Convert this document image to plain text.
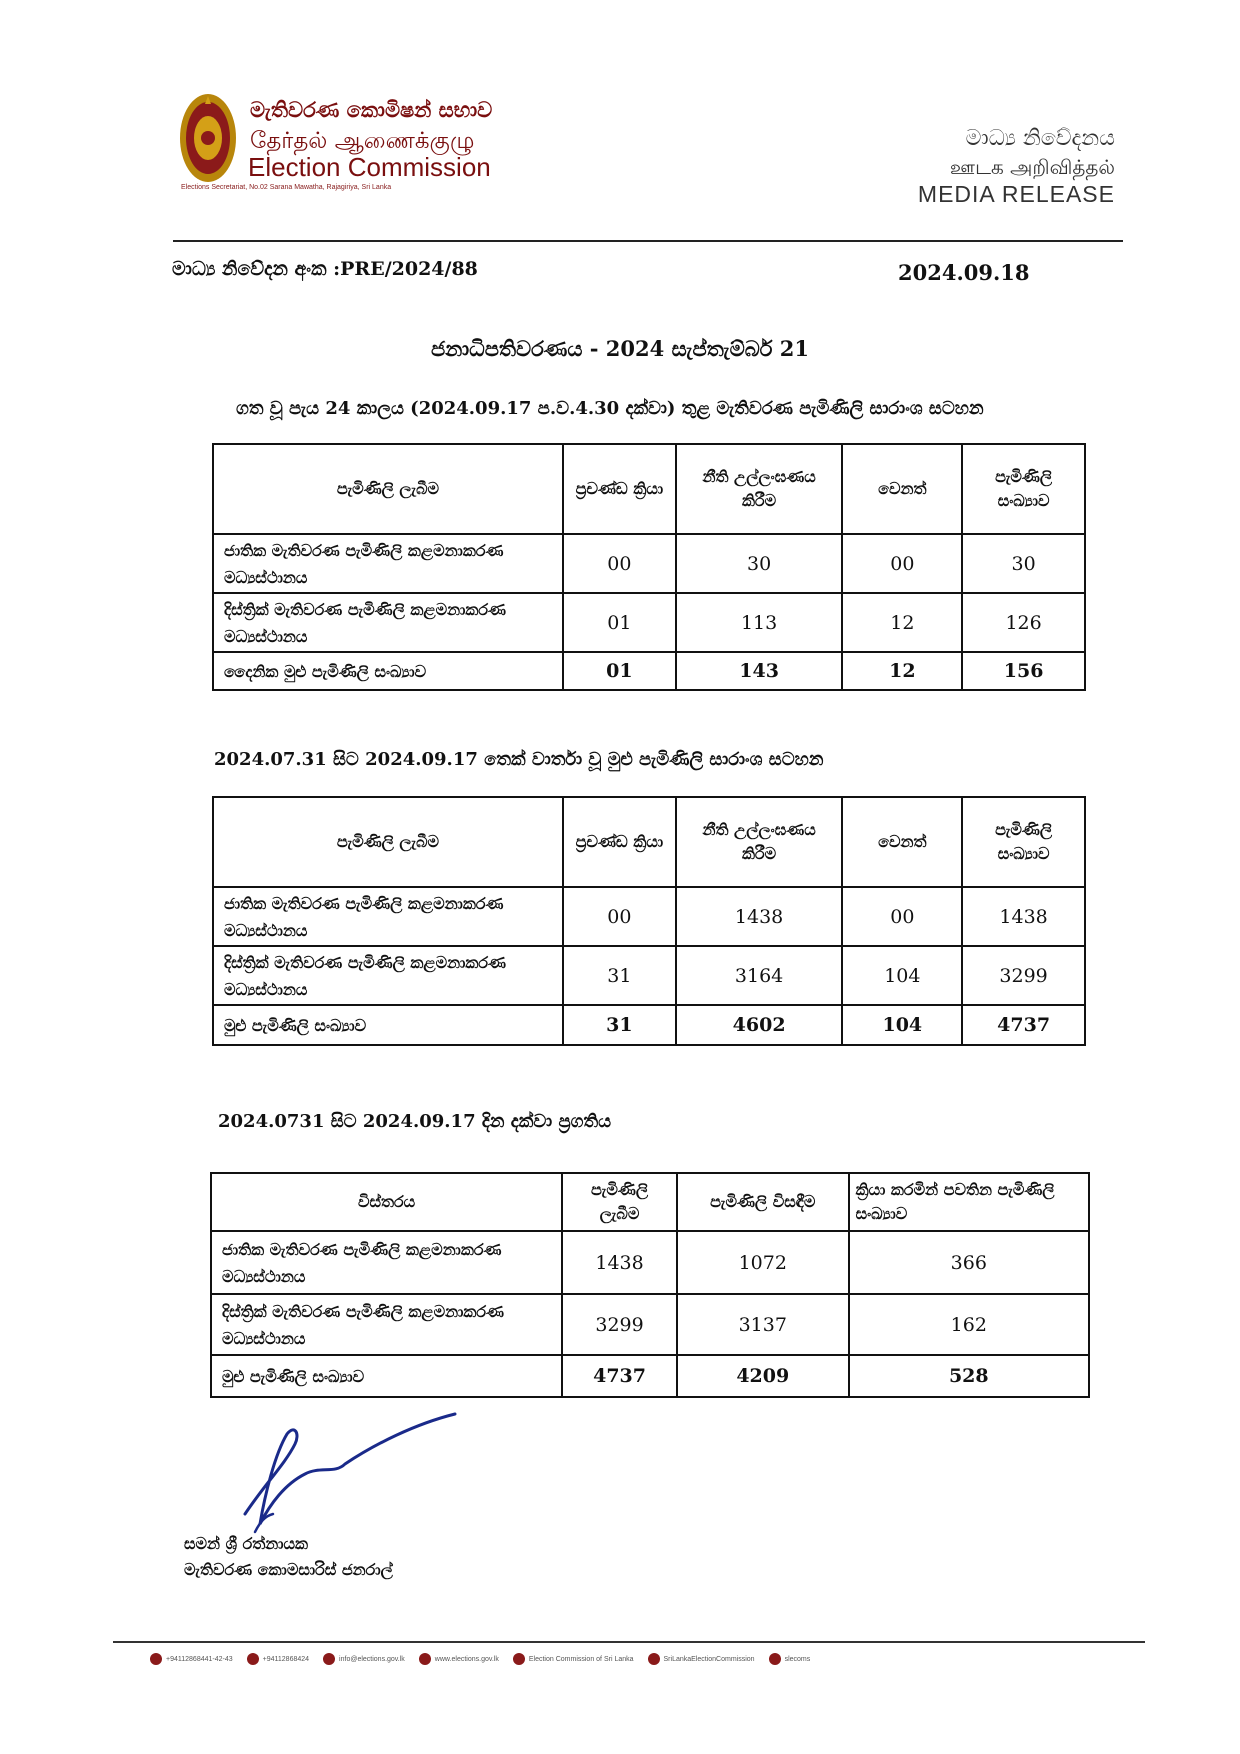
මැතිවරණ කොමිෂන් සභාව
தேர்தல் ஆணைக்குழு
Election Commission
Elections Secretariat, No.02 Sarana Mawatha, Rajagiriya, Sri Lanka
මාධ්‍ය නිවේදනය
ஊடக அறிவித்தல்
MEDIA RELEASE
මාධ්‍ය නිවේදන අංක :PRE/2024/88	2024.09.18
ජනාධිපතිවරණය - 2024 සැප්තැම්බර් 21
ගත වූ පැය 24 කාලය (2024.09.17 ප.ව.4.30 දක්වා) තුළ මැතිවරණ පැමිණිලි සාරාංශ සටහන
පැමිණිලි ලැබීම	ප්‍රචණ්ඩ ක්‍රියා	නීති උල්ලංඝණය කිරීම	වෙනත්	පැමිණිලි සංඛ්‍යාව
ජාතික මැතිවරණ පැමිණිලි කළමනාකරණ මධ්‍යස්ථානය	00	30	00	30
දිස්ත්‍රික් මැතිවරණ පැමිණිලි කළමනාකරණ මධ්‍යස්ථානය	01	113	12	126
දෛනික මුළු පැමිණිලි සංඛ්‍යාව	01	143	12	156
2024.07.31 සිට 2024.09.17 තෙක් වාර්තා වූ මුළු පැමිණිලි සාරාංශ සටහන
පැමිණිලි ලැබීම	ප්‍රචණ්ඩ ක්‍රියා	නීති උල්ලංඝණය කිරීම	වෙනත්	පැමිණිලි සංඛ්‍යාව
ජාතික මැතිවරණ පැමිණිලි කළමනාකරණ මධ්‍යස්ථානය	00	1438	00	1438
දිස්ත්‍රික් මැතිවරණ පැමිණිලි කළමනාකරණ මධ්‍යස්ථානය	31	3164	104	3299
මුළු පැමිණිලි සංඛ්‍යාව	31	4602	104	4737
2024.0731 සිට 2024.09.17 දින දක්වා ප්‍රගතිය
විස්තරය	පැමිණිලි ලැබීම	පැමිණිලි විසඳීම	ක්‍රියා කරමින් පවතින පැමිණිලි සංඛ්‍යාව
ජාතික මැතිවරණ පැමිණිලි කළමනාකරණ මධ්‍යස්ථානය	1438	1072	366
දිස්ත්‍රික් මැතිවරණ පැමිණිලි කළමනාකරණ මධ්‍යස්ථානය	3299	3137	162
මුළු පැමිණිලි සංඛ්‍යාව	4737	4209	528
සමන් ශ්‍රී රත්නායක
මැතිවරණ කොමසාරිස් ජනරාල්
+94112868441-42-43	+94112868424	info@elections.gov.lk	www.elections.gov.lk	Election Commission of Sri Lanka	SriLankaElectionCommission	slecoms
